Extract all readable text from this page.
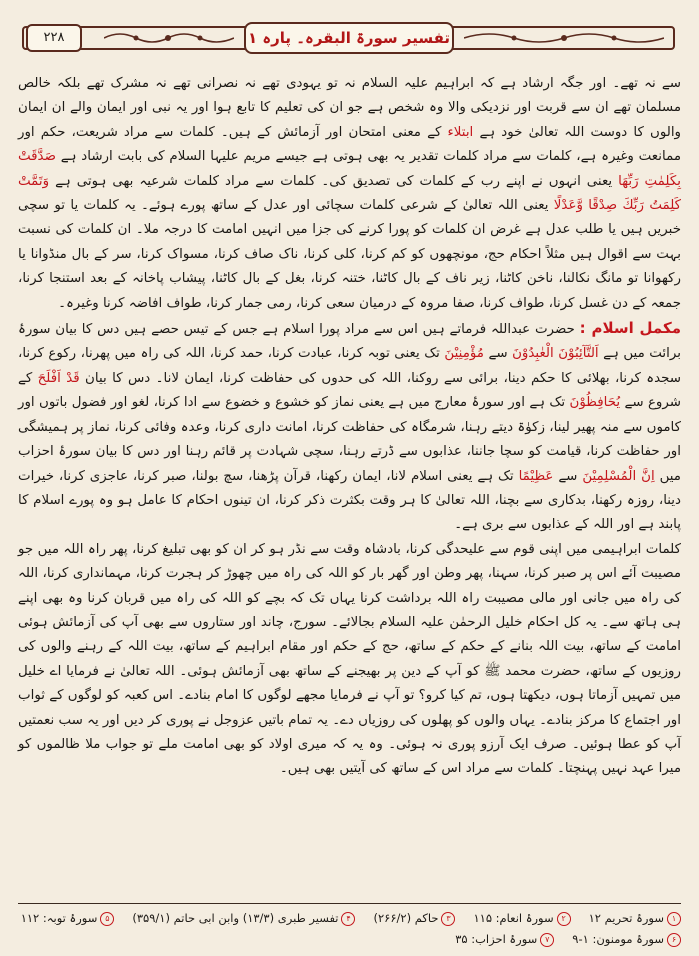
۲۲۸	تفسیر سورۃ البقرہ۔ پارہ ۱

سے نہ تھے۔ اور جگہ ارشاد ہے کہ ابراہیم علیہ السلام نہ تو یہودی تھے نہ نصرانی تھے نہ مشرک تھے بلکہ خالص مسلمان تھے ان سے قربت اور نزدیکی والا وہ شخص ہے جو ان کی تعلیم کا تابع ہوا اور یہ نبی اور ایمان والے ان ایمان والوں کا دوست اللہ تعالیٰ خود ہے ابتلاء کے معنی امتحان اور آزمائش کے ہیں۔ کلمات سے مراد شریعت، حکم اور ممانعت وغیرہ ہے، کلمات سے مراد کلمات تقدیر یہ بھی ہوتی ہے جیسے مریم علیہا السلام کی بابت ارشاد ہے صَدَّقَتْ بِكَلِمٰتِ رَبِّهَا یعنی انہوں نے اپنے رب کے کلمات کی تصدیق کی۔ کلمات سے مراد کلمات شرعیہ بھی ہوتی ہے وَتَمَّتْ كَلِمَتُ رَبِّكَ صِدْقًا وَّعَدْلًا یعنی اللہ تعالیٰ کے شرعی کلمات سچائی اور عدل کے ساتھ پورے ہوئے۔ یہ کلمات یا تو سچی خبریں ہیں یا طلب عدل ہے غرض ان کلمات کو پورا کرنے کی جزا میں انہیں امامت کا درجہ ملا۔ ان کلمات کی نسبت بہت سے اقوال ہیں مثلاً احکام حج، مونچھوں کو کم کرنا، کلی کرنا، ناک صاف کرنا، مسواک کرنا، سر کے بال منڈوانا یا رکھوانا تو مانگ نکالنا، ناخن کاٹنا، زیر ناف کے بال کاٹنا، ختنہ کرنا، بغل کے بال کاٹنا، پیشاب پاخانہ کے بعد استنجا کرنا، جمعہ کے دن غسل کرنا، طواف کرنا، صفا مروہ کے درمیان سعی کرنا، رمی جمار کرنا، طواف افاضہ کرنا وغیرہ۔

مکمل اسلام : حضرت عبداللہ فرماتے ہیں اس سے مراد پورا اسلام ہے جس کے تیس حصے ہیں دس کا بیان سورۂ برائت میں ہے اَلتَّآئِبُوْنَ الْعٰبِدُوْنَ سے مُؤْمِنِيْنَ تک یعنی توبہ کرنا، عبادت کرنا، حمد کرنا، اللہ کی راہ میں پھرنا، رکوع کرنا، سجدہ کرنا، بھلائی کا حکم دینا، برائی سے روکنا، اللہ کی حدوں کی حفاظت کرنا، ایمان لانا۔ دس کا بیان قَدْ اَفْلَحَ کے شروع سے يُحَافِظُوْنَ تک ہے اور سورۂ معارج میں ہے یعنی نماز کو خشوع و خضوع سے ادا کرنا، لغو اور فضول باتوں اور کاموں سے منہ پھیر لینا، زکوٰۃ دیتے رہنا، شرمگاہ کی حفاظت کرنا، امانت داری کرنا، وعدہ وفائی کرنا، نماز پر ہمیشگی اور حفاظت کرنا، قیامت کو سچا جاننا، عذابوں سے ڈرتے رہنا، سچی شہادت پر قائم رہنا اور دس کا بیان سورۂ احزاب میں اِنَّ الْمُسْلِمِيْنَ سے عَظِيْمًا تک ہے یعنی اسلام لانا، ایمان رکھنا، قرآن پڑھنا، سچ بولنا، صبر کرنا، عاجزی کرنا، خیرات دینا، روزہ رکھنا، بدکاری سے بچنا، اللہ تعالیٰ کا ہر وقت بکثرت ذکر کرنا، ان تینوں احکام کا عامل ہو وہ پورے اسلام کا پابند ہے اور اللہ کے عذابوں سے بری ہے۔

کلمات ابراہیمی میں اپنی قوم سے علیحدگی کرنا، بادشاہ وقت سے نڈر ہو کر ان کو بھی تبلیغ کرنا، پھر راہ اللہ میں جو مصیبت آئے اس پر صبر کرنا، سہنا، پھر وطن اور گھر بار کو اللہ کی راہ میں چھوڑ کر ہجرت کرنا، مہمانداری کرنا، اللہ کی راہ میں جانی اور مالی مصیبت راہ اللہ برداشت کرنا یہاں تک کہ بچے کو اللہ کی راہ میں قربان کرنا وہ بھی اپنے ہی ہاتھ سے۔ یہ کل احکام خلیل الرحمٰن علیہ السلام بجالائے۔ سورج، چاند اور ستاروں سے بھی آپ کی آزمائش ہوئی امامت کے ساتھ، بیت اللہ بنانے کے حکم کے ساتھ، حج کے حکم اور مقام ابراہیم کے ساتھ، بیت اللہ کے رہنے والوں کی روزیوں کے ساتھ، حضرت محمد ﷺ کو آپ کے دین پر بھیجنے کے ساتھ بھی آزمائش ہوئی۔ اللہ تعالیٰ نے فرمایا اے خلیل میں تمہیں آزماتا ہوں، دیکھتا ہوں، تم کیا کرو؟ تو آپ نے فرمایا مجھے لوگوں کا امام بنادے۔ اس کعبہ کو لوگوں کے ثواب اور اجتماع کا مرکز بنادے۔ یہاں والوں کو پھلوں کی روزیاں دے۔ یہ تمام باتیں عزوجل نے پوری کر دیں اور یہ سب نعمتیں آپ کو عطا ہوئیں۔ صرف ایک آرزو پوری نہ ہوئی۔ وہ یہ کہ میری اولاد کو بھی امامت ملے تو جواب ملا ظالموں کو میرا عہد نہیں پہنچتا۔ کلمات سے مراد اس کے ساتھ کی آیتیں بھی ہیں۔

۱سورۂ تحریم ۱۲
۲سورۂ انعام: ۱۱۵
۳حاکم (۲۶۶/۲)
۴تفسیر طبری (۱۳/۳) وابن ابی حاتم (۳۵۹/۱)
۵سورۂ توبہ: ۱۱۲
۶سورۂ مومنون: ۱-۹
۷سورۂ احزاب: ۳۵
